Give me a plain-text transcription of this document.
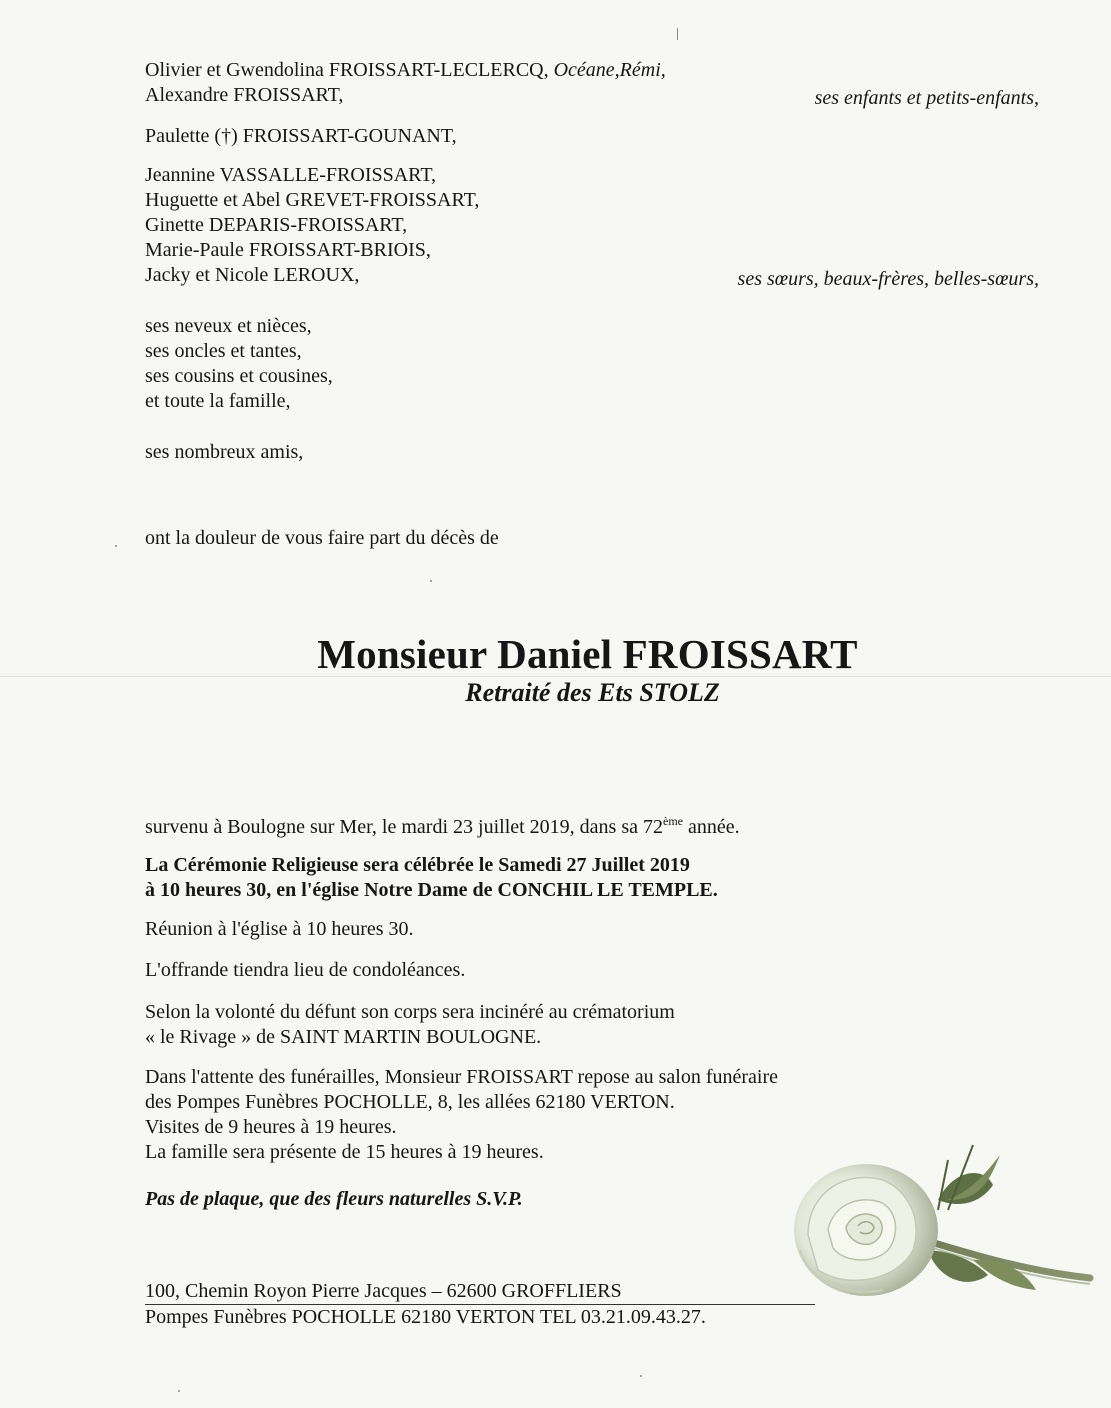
Olivier et Gwendolina FROISSART-LECLERCQ, Océane,Rémi,
Alexandre FROISSART,	ses enfants et petits-enfants,
Paulette (†) FROISSART-GOUNANT,
Jeannine VASSALLE-FROISSART,
Huguette et Abel GREVET-FROISSART,
Ginette DEPARIS-FROISSART,
Marie-Paule FROISSART-BRIOIS,
Jacky et Nicole LEROUX,	ses sœurs, beaux-frères, belles-sœurs,
ses neveux et nièces,
ses oncles et tantes,
ses cousins et cousines,
et toute la famille,
ses nombreux amis,
ont la douleur de vous faire part du décès de
Monsieur Daniel FROISSART
Retraité des Ets STOLZ
survenu à Boulogne sur Mer, le mardi 23 juillet 2019, dans sa 72ème année.
La Cérémonie Religieuse sera célébrée le Samedi 27 Juillet 2019
à 10 heures 30, en l'église Notre Dame de CONCHIL LE TEMPLE.
Réunion à l'église à 10 heures 30.
L'offrande tiendra lieu de condoléances.
Selon la volonté du défunt son corps sera incinéré au crématorium
« le Rivage » de SAINT MARTIN BOULOGNE.
Dans l'attente des funérailles, Monsieur FROISSART repose au salon funéraire
des Pompes Funèbres POCHOLLE, 8, les allées 62180 VERTON.
Visites de 9 heures à 19 heures.
La famille sera présente de 15 heures à 19 heures.
Pas de plaque, que des fleurs naturelles S.V.P.
100, Chemin Royon Pierre Jacques – 62600 GROFFLIERS
Pompes Funèbres POCHOLLE 62180 VERTON TEL 03.21.09.43.27.
